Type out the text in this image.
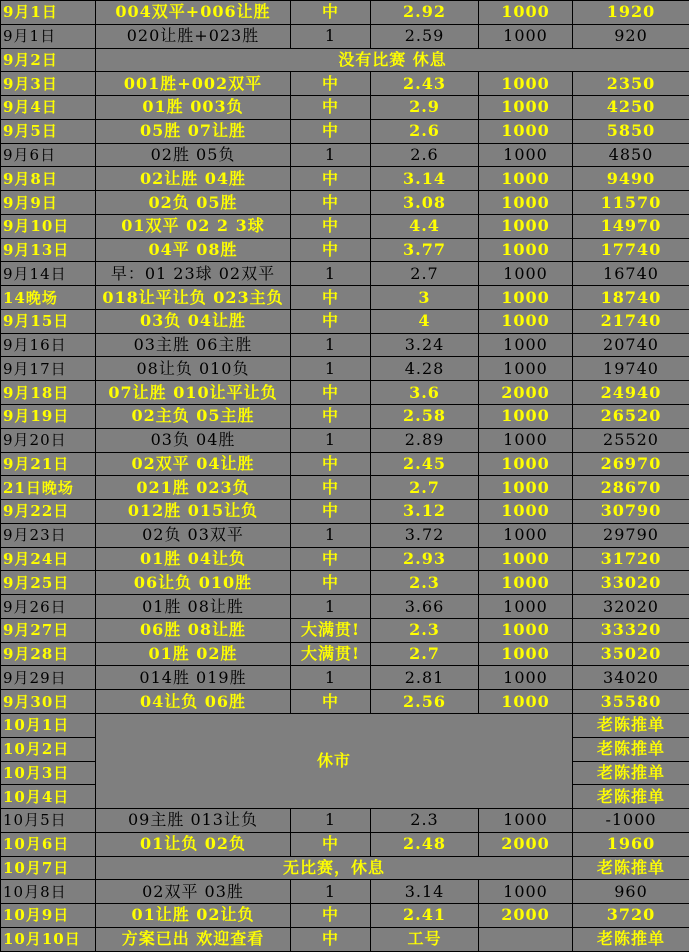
9月1日	004双平+006让胜	中	2.92	1000	1920
9月1日	020让胜+023胜	1	2.59	1000	920
9月2日	没有比赛 休息				
9月3日	001胜+002双平	中	2.43	1000	2350
9月4日	01胜 003负	中	2.9	1000	4250
9月5日	05胜 07让胜	中	2.6	1000	5850
9月6日	02胜 05负	1	2.6	1000	4850
9月8日	02让胜 04胜	中	3.14	1000	9490
9月9日	02负 05胜	中	3.08	1000	11570
9月10日	01双平 02 2 3球	中	4.4	1000	14970
9月13日	04平 08胜	中	3.77	1000	17740
9月14日	早：01 23球 02双平	1	2.7	1000	16740
14晚场	018让平让负 023主负	中	3	1000	18740
9月15日	03负 04让胜	中	4	1000	21740
9月16日	03主胜 06主胜	1	3.24	1000	20740
9月17日	08让负 010负	1	4.28	1000	19740
9月18日	07让胜 010让平让负	中	3.6	2000	24940
9月19日	02主负 05主胜	中	2.58	1000	26520
9月20日	03负 04胜	1	2.89	1000	25520
9月21日	02双平 04让胜	中	2.45	1000	26970
21日晚场	021胜 023负	中	2.7	1000	28670
9月22日	012胜 015让负	中	3.12	1000	30790
9月23日	02负 03双平	1	3.72	1000	29790
9月24日	01胜 04让负	中	2.93	1000	31720
9月25日	06让负 010胜	中	2.3	1000	33020
9月26日	01胜 08让胜	1	3.66	1000	32020
9月27日	06胜 08让胜	大满贯!	2.3	1000	33320
9月28日	01胜 02胜	大满贯!	2.7	1000	35020
9月29日	014胜 019胜	1	2.81	1000	34020
9月30日	04让负 06胜	中	2.56	1000	35580
10月1日	休市				老陈推单
10月2日					老陈推单
10月3日					老陈推单
10月4日					老陈推单
10月5日	09主胜 013让负	1	2.3	1000	-1000
10月6日	01让负 02负	中	2.48	2000	1960
10月7日	无比赛，休息				老陈推单
10月8日	02双平 03胜	1	3.14	1000	960
10月9日	01让胜 02让负	中	2.41	2000	3720
10月10日	方案已出 欢迎查看	中	工号		老陈推单
